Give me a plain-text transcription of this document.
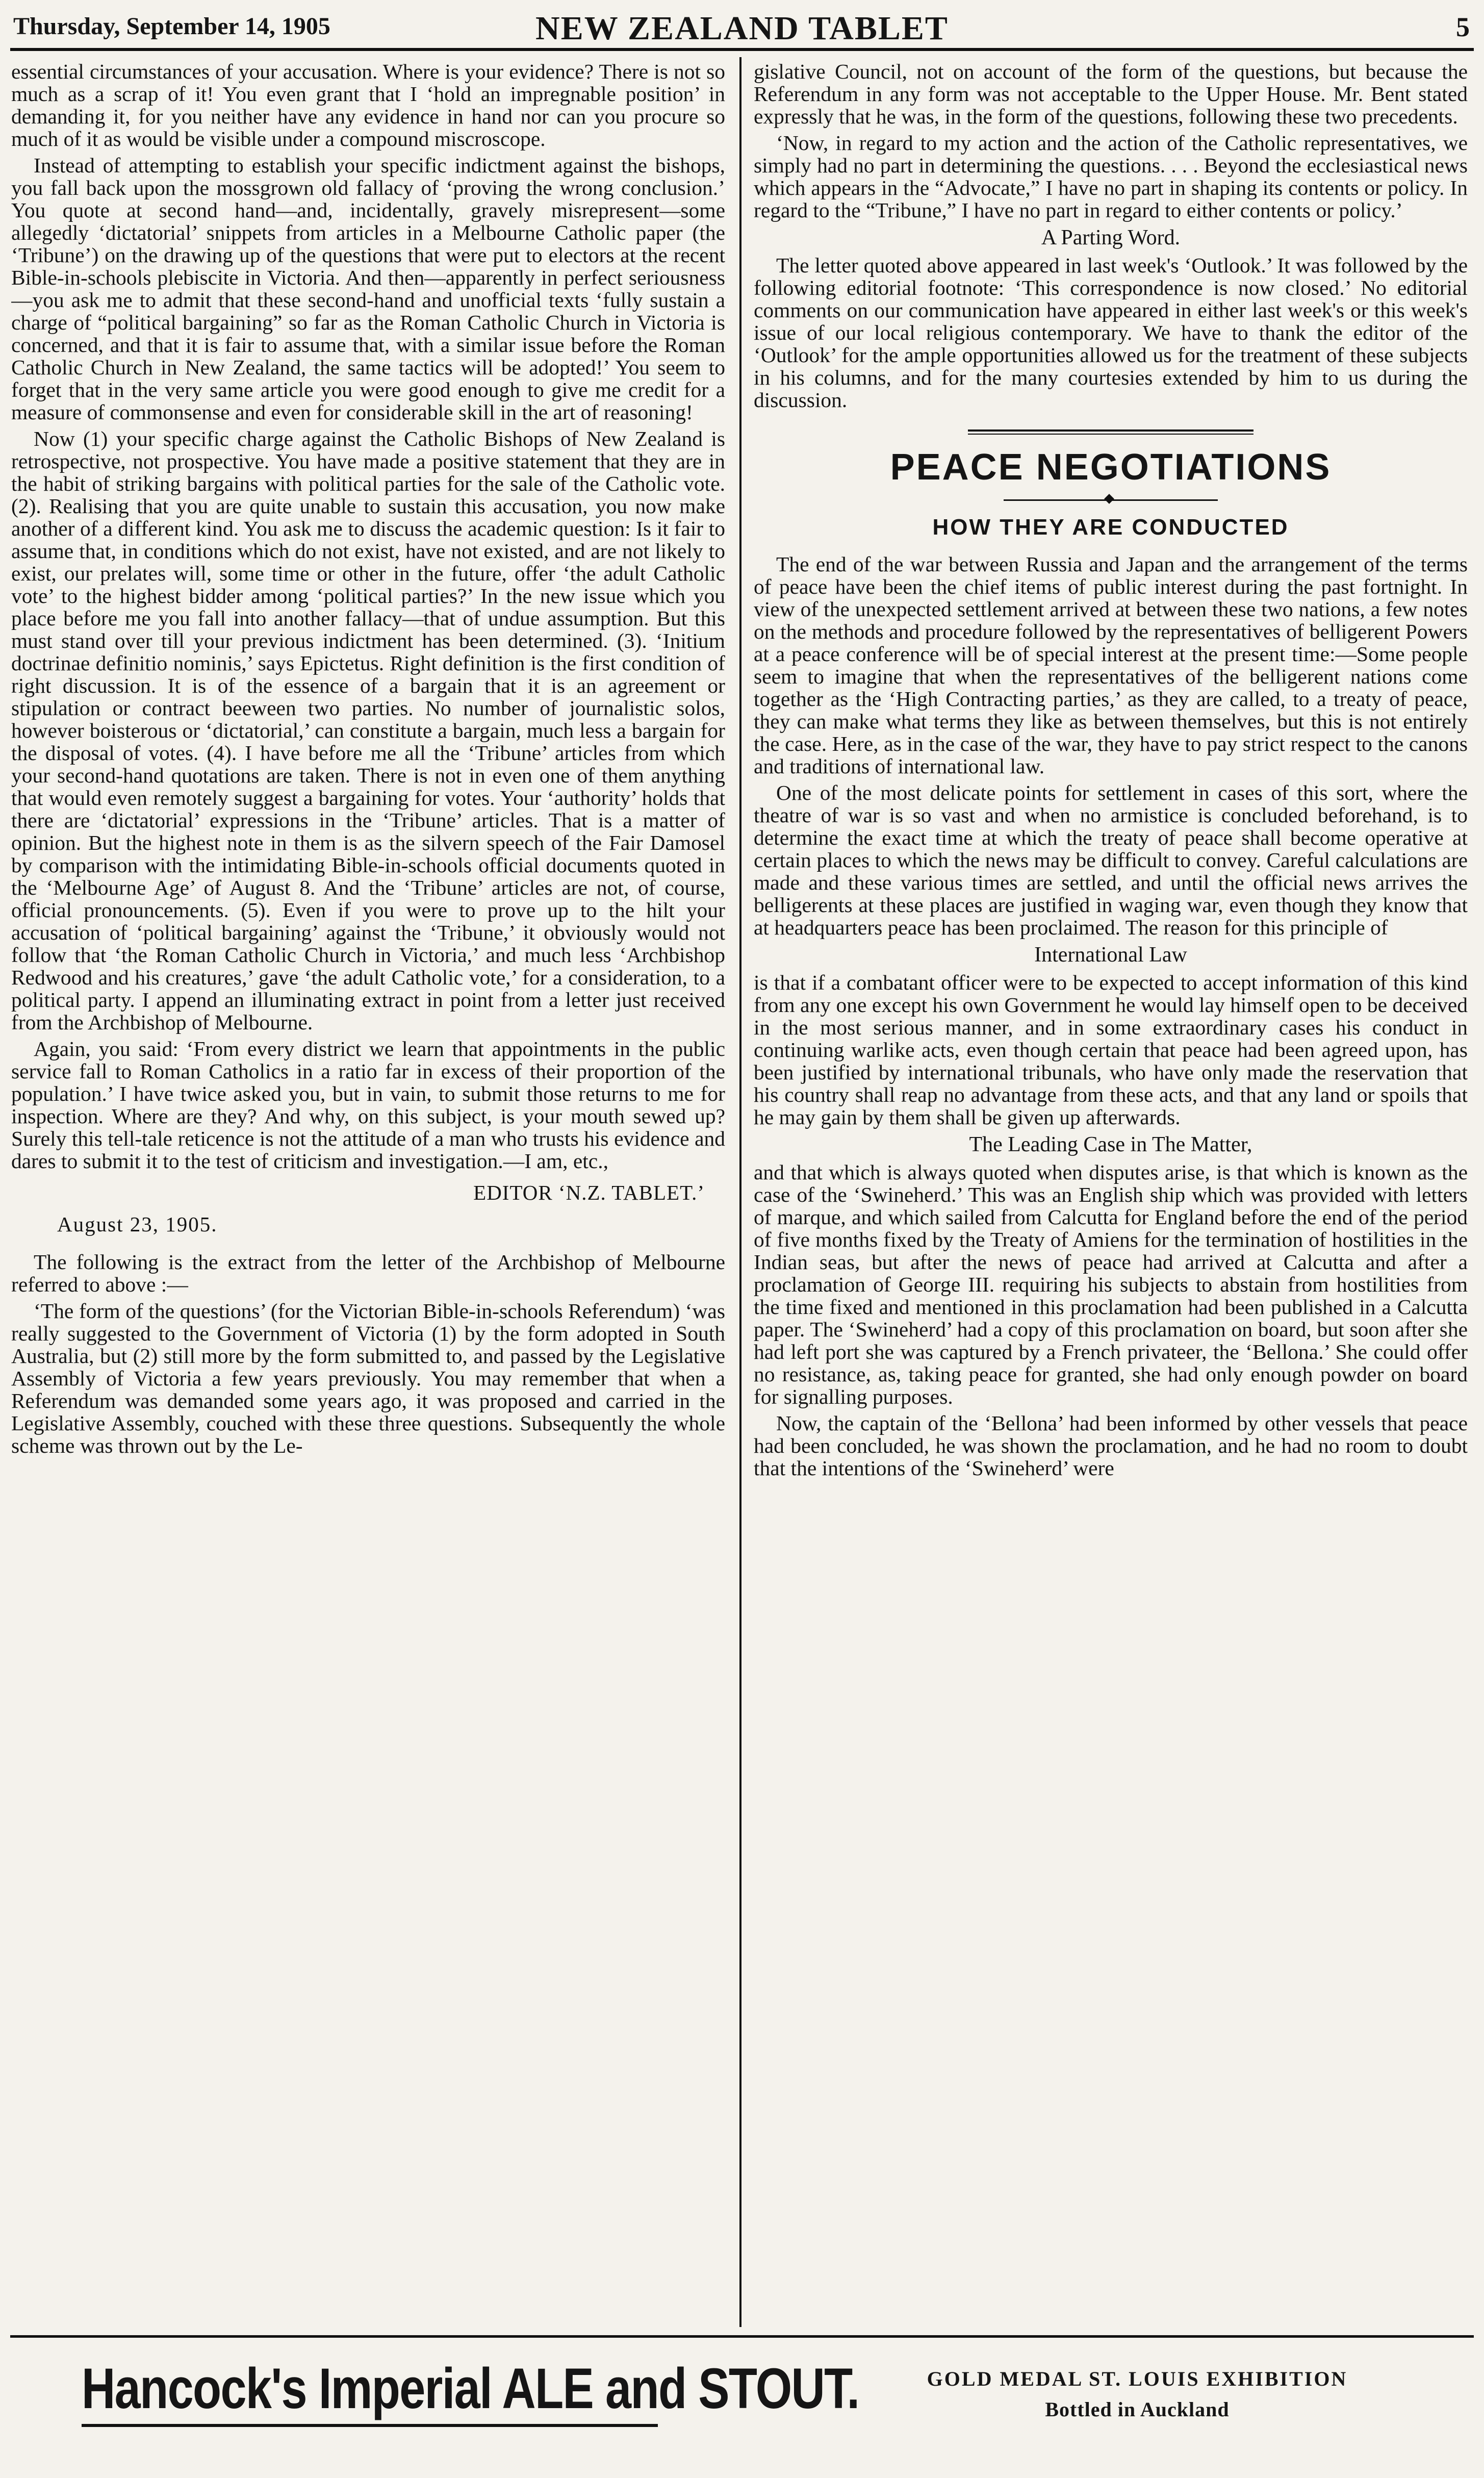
Thursday, September 14, 1905	NEW ZEALAND TABLET	5

essential circumstances of your accusation. Where is your evidence? There is not so much as a scrap of it! You even grant that I ‘hold an impregnable position’ in demanding it, for you neither have any evidence in hand nor can you procure so much of it as would be visible under a compound miscroscope.

Instead of attempting to establish your specific indictment against the bishops, you fall back upon the mossgrown old fallacy of ‘proving the wrong conclusion.’ You quote at second hand—and, incidentally, gravely misrepresent—some allegedly ‘dictatorial’ snippets from articles in a Melbourne Catholic paper (the ‘Tribune’) on the drawing up of the questions that were put to electors at the recent Bible-in-schools plebiscite in Victoria. And then—apparently in perfect seriousness—you ask me to admit that these second-hand and unofficial texts ‘fully sustain a charge of “political bargaining” so far as the Roman Catholic Church in Victoria is concerned, and that it is fair to assume that, with a similar issue before the Roman Catholic Church in New Zealand, the same tactics will be adopted!’ You seem to forget that in the very same article you were good enough to give me credit for a measure of commonsense and even for considerable skill in the art of reasoning!

Now (1) your specific charge against the Catholic Bishops of New Zealand is retrospective, not prospective. You have made a positive statement that they are in the habit of striking bargains with political parties for the sale of the Catholic vote. (2). Realising that you are quite unable to sustain this accusation, you now make another of a different kind. You ask me to discuss the academic question: Is it fair to assume that, in conditions which do not exist, have not existed, and are not likely to exist, our prelates will, some time or other in the future, offer ‘the adult Catholic vote’ to the highest bidder among ‘political parties?’ In the new issue which you place before me you fall into another fallacy—that of undue assumption. But this must stand over till your previous indictment has been determined. (3). ‘Initium doctrinae definitio nominis,’ says Epictetus. Right definition is the first condition of right discussion. It is of the essence of a bargain that it is an agreement or stipulation or contract beeween two parties. No number of journalistic solos, however boisterous or ‘dictatorial,’ can constitute a bargain, much less a bargain for the disposal of votes. (4). I have before me all the ‘Tribune’ articles from which your second-hand quotations are taken. There is not in even one of them anything that would even remotely suggest a bargaining for votes. Your ‘authority’ holds that there are ‘dictatorial’ expressions in the ‘Tribune’ articles. That is a matter of opinion. But the highest note in them is as the silvern speech of the Fair Damosel by comparison with the intimidating Bible-in-schools official documents quoted in the ‘Melbourne Age’ of August 8. And the ‘Tribune’ articles are not, of course, official pronouncements. (5). Even if you were to prove up to the hilt your accusation of ‘political bargaining’ against the ‘Tribune,’ it obviously would not follow that ‘the Roman Catholic Church in Victoria,’ and much less ‘Archbishop Redwood and his creatures,’ gave ‘the adult Catholic vote,’ for a consideration, to a political party. I append an illuminating extract in point from a letter just received from the Archbishop of Melbourne.

Again, you said: ‘From every district we learn that appointments in the public service fall to Roman Catholics in a ratio far in excess of their proportion of the population.’ I have twice asked you, but in vain, to submit those returns to me for inspection. Where are they? And why, on this subject, is your mouth sewed up? Surely this tell-tale reticence is not the attitude of a man who trusts his evidence and dares to submit it to the test of criticism and investigation.—I am, etc.,

EDITOR ‘N.Z. TABLET.’
August 23, 1905.

The following is the extract from the letter of the Archbishop of Melbourne referred to above :—

‘The form of the questions’ (for the Victorian Bible-in-schools Referendum) ‘was really suggested to the Government of Victoria (1) by the form adopted in South Australia, but (2) still more by the form submitted to, and passed by the Legislative Assembly of Victoria a few years previously. You may remember that when a Referendum was demanded some years ago, it was proposed and carried in the Legislative Assembly, couched with these three questions. Subsequently the whole scheme was thrown out by the Le-

gislative Council, not on account of the form of the questions, but because the Referendum in any form was not acceptable to the Upper House. Mr. Bent stated expressly that he was, in the form of the questions, following these two precedents.

‘Now, in regard to my action and the action of the Catholic representatives, we simply had no part in determining the questions. . . . Beyond the ecclesiastical news which appears in the “Advocate,” I have no part in shaping its contents or policy. In regard to the “Tribune,” I have no part in regard to either contents or policy.’

A Parting Word.

The letter quoted above appeared in last week's ‘Outlook.’ It was followed by the following editorial footnote: ‘This correspondence is now closed.’ No editorial comments on our communication have appeared in either last week's or this week's issue of our local religious contemporary. We have to thank the editor of the ‘Outlook’ for the ample opportunities allowed us for the treatment of these subjects in his columns, and for the many courtesies extended by him to us during the discussion.

PEACE NEGOTIATIONS
HOW THEY ARE CONDUCTED

The end of the war between Russia and Japan and the arrangement of the terms of peace have been the chief items of public interest during the past fortnight. In view of the unexpected settlement arrived at between these two nations, a few notes on the methods and procedure followed by the representatives of belligerent Powers at a peace conference will be of special interest at the present time:—Some people seem to imagine that when the representatives of the belligerent nations come together as the ‘High Contracting parties,’ as they are called, to a treaty of peace, they can make what terms they like as between themselves, but this is not entirely the case. Here, as in the case of the war, they have to pay strict respect to the canons and traditions of international law.

One of the most delicate points for settlement in cases of this sort, where the theatre of war is so vast and when no armistice is concluded beforehand, is to determine the exact time at which the treaty of peace shall become operative at certain places to which the news may be difficult to convey. Careful calculations are made and these various times are settled, and until the official news arrives the belligerents at these places are justified in waging war, even though they know that at headquarters peace has been proclaimed. The reason for this principle of

International Law

is that if a combatant officer were to be expected to accept information of this kind from any one except his own Government he would lay himself open to be deceived in the most serious manner, and in some extraordinary cases his conduct in continuing warlike acts, even though certain that peace had been agreed upon, has been justified by international tribunals, who have only made the reservation that his country shall reap no advantage from these acts, and that any land or spoils that he may gain by them shall be given up afterwards.

The Leading Case in The Matter,

and that which is always quoted when disputes arise, is that which is known as the case of the ‘Swineherd.’ This was an English ship which was provided with letters of marque, and which sailed from Calcutta for England before the end of the period of five months fixed by the Treaty of Amiens for the termination of hostilities in the Indian seas, but after the news of peace had arrived at Calcutta and after a proclamation of George III. requiring his subjects to abstain from hostilities from the time fixed and mentioned in this proclamation had been published in a Calcutta paper. The ‘Swineherd’ had a copy of this proclamation on board, but soon after she had left port she was captured by a French privateer, the ‘Bellona.’ She could offer no resistance, as, taking peace for granted, she had only enough powder on board for signalling purposes.

Now, the captain of the ‘Bellona’ had been informed by other vessels that peace had been concluded, he was shown the proclamation, and he had no room to doubt that the intentions of the ‘Swineherd’ were

Hancock's Imperial ALE and STOUT.	GOLD MEDAL ST. LOUIS EXHIBITION
Bottled in Auckland
